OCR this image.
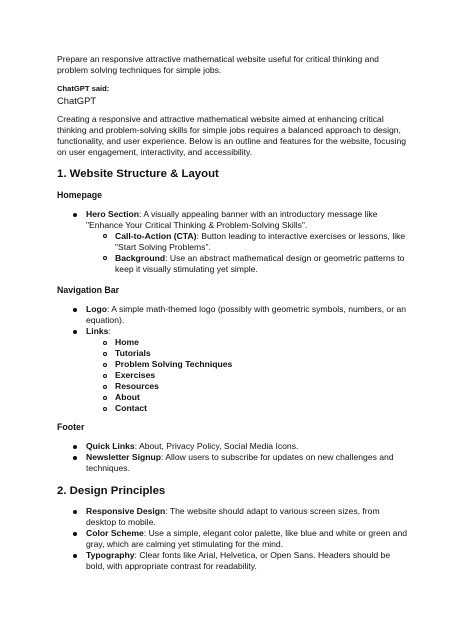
Prepare an responsive attractive mathematical website useful for critical thinking and
problem solving techniques for simple jobs.
ChatGPT said:
ChatGPT
Creating a responsive and attractive mathematical website aimed at enhancing critical
thinking and problem-solving skills for simple jobs requires a balanced approach to design,
functionality, and user experience. Below is an outline and features for the website, focusing
on user engagement, interactivity, and accessibility.
1. Website Structure & Layout
Homepage
Hero Section: A visually appealing banner with an introductory message like
"Enhance Your Critical Thinking & Problem-Solving Skills".
Call-to-Action (CTA): Button leading to interactive exercises or lessons, like
"Start Solving Problems".
Background: Use an abstract mathematical design or geometric patterns to
keep it visually stimulating yet simple.
Navigation Bar
Logo: A simple math-themed logo (possibly with geometric symbols, numbers, or an
equation).
Links:
Home
Tutorials
Problem Solving Techniques
Exercises
Resources
About
Contact
Footer
Quick Links: About, Privacy Policy, Social Media Icons.
Newsletter Signup: Allow users to subscribe for updates on new challenges and
techniques.
2. Design Principles
Responsive Design: The website should adapt to various screen sizes, from
desktop to mobile.
Color Scheme: Use a simple, elegant color palette, like blue and white or green and
gray, which are calming yet stimulating for the mind.
Typography: Clear fonts like Arial, Helvetica, or Open Sans. Headers should be
bold, with appropriate contrast for readability.
